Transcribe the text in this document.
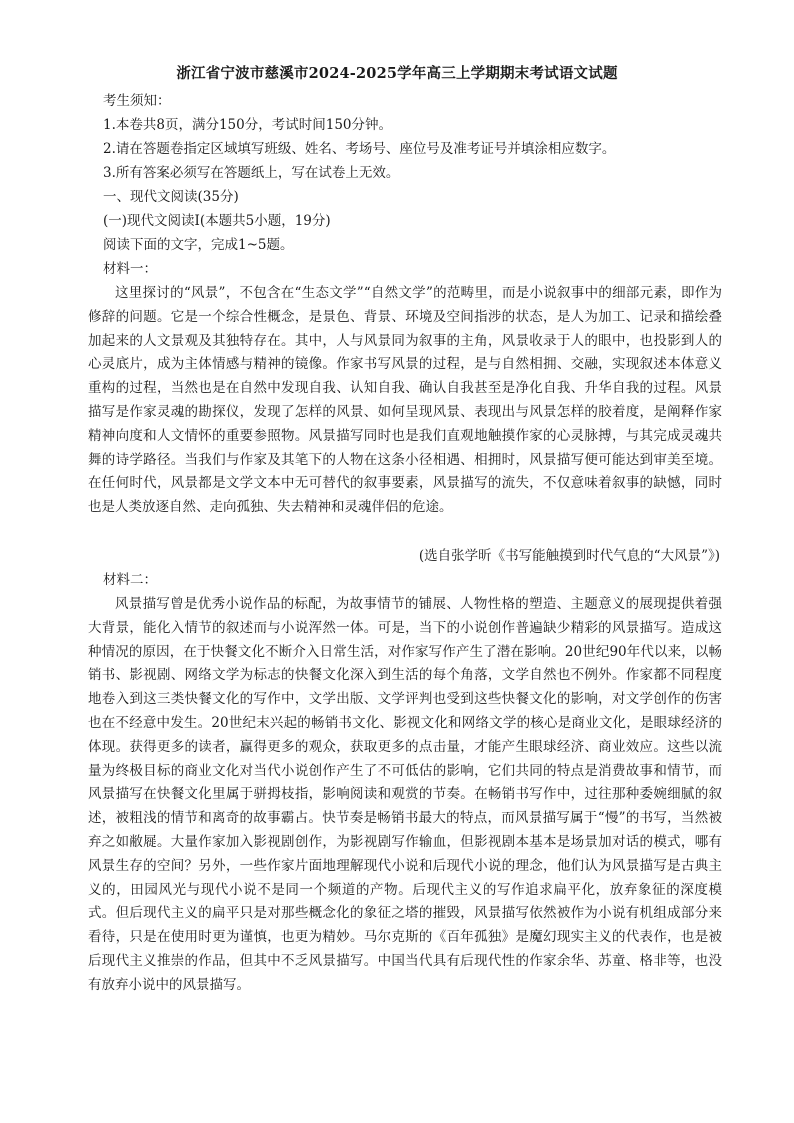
浙江省宁波市慈溪市2024-2025学年高三上学期期末考试语文试题
考生须知：
1.本卷共8页，满分150分，考试时间150分钟。
2.请在答题卷指定区域填写班级、姓名、考场号、座位号及准考证号并填涂相应数字。
3.所有答案必须写在答题纸上，写在试卷上无效。
一、现代文阅读(35分)
(一)现代文阅读Ⅰ(本题共5小题，19分)
阅读下面的文字，完成1~5题。
材料一：
这里探讨的“风景”，不包含在“生态文学”“自然文学”的范畴里，而是小说叙事中的细部元素，即作为修辞的问题。它是一个综合性概念，是景色、背景、环境及空间指涉的状态，是人为加工、记录和描绘叠加起来的人文景观及其独特存在。其中，人与风景同为叙事的主角，风景收录于人的眼中，也投影到人的心灵底片，成为主体情感与精神的镜像。作家书写风景的过程，是与自然相拥、交融，实现叙述本体意义重构的过程，当然也是在自然中发现自我、认知自我、确认自我甚至是净化自我、升华自我的过程。风景描写是作家灵魂的勘探仪，发现了怎样的风景、如何呈现风景、表现出与风景怎样的胶着度，是阐释作家精神向度和人文情怀的重要参照物。风景描写同时也是我们直观地触摸作家的心灵脉搏，与其完成灵魂共舞的诗学路径。当我们与作家及其笔下的人物在这条小径相遇、相拥时，风景描写便可能达到审美至境。在任何时代，风景都是文学文本中无可替代的叙事要素，风景描写的流失，不仅意味着叙事的缺憾，同时也是人类放逐自然、走向孤独、失去精神和灵魂伴侣的危途。
(选自张学昕《书写能触摸到时代气息的“大风景”》)
材料二：
风景描写曾是优秀小说作品的标配，为故事情节的铺展、人物性格的塑造、主题意义的展现提供着强大背景，能化入情节的叙述而与小说浑然一体。可是，当下的小说创作普遍缺少精彩的风景描写。造成这种情况的原因，在于快餐文化不断介入日常生活，对作家写作产生了潜在影响。20世纪90年代以来，以畅销书、影视剧、网络文学为标志的快餐文化深入到生活的每个角落，文学自然也不例外。作家都不同程度地卷入到这三类快餐文化的写作中，文学出版、文学评判也受到这些快餐文化的影响，对文学创作的伤害也在不经意中发生。20世纪末兴起的畅销书文化、影视文化和网络文学的核心是商业文化，是眼球经济的体现。获得更多的读者，赢得更多的观众，获取更多的点击量，才能产生眼球经济、商业效应。这些以流量为终极目标的商业文化对当代小说创作产生了不可低估的影响，它们共同的特点是消费故事和情节，而风景描写在快餐文化里属于骈拇枝指，影响阅读和观赏的节奏。在畅销书写作中，过往那种委婉细腻的叙述，被粗浅的情节和离奇的故事霸占。快节奏是畅销书最大的特点，而风景描写属于“慢”的书写，当然被弃之如敝屣。大量作家加入影视剧创作，为影视剧写作输血，但影视剧本基本是场景加对话的模式，哪有风景生存的空间？另外，一些作家片面地理解现代小说和后现代小说的理念，他们认为风景描写是古典主义的，田园风光与现代小说不是同一个频道的产物。后现代主义的写作追求扁平化，放弃象征的深度模式。但后现代主义的扁平只是对那些概念化的象征之塔的摧毁，风景描写依然被作为小说有机组成部分来看待，只是在使用时更为谨慎，也更为精妙。马尔克斯的《百年孤独》是魔幻现实主义的代表作，也是被后现代主义推崇的作品，但其中不乏风景描写。中国当代具有后现代性的作家余华、苏童、格非等，也没有放弃小说中的风景描写。
